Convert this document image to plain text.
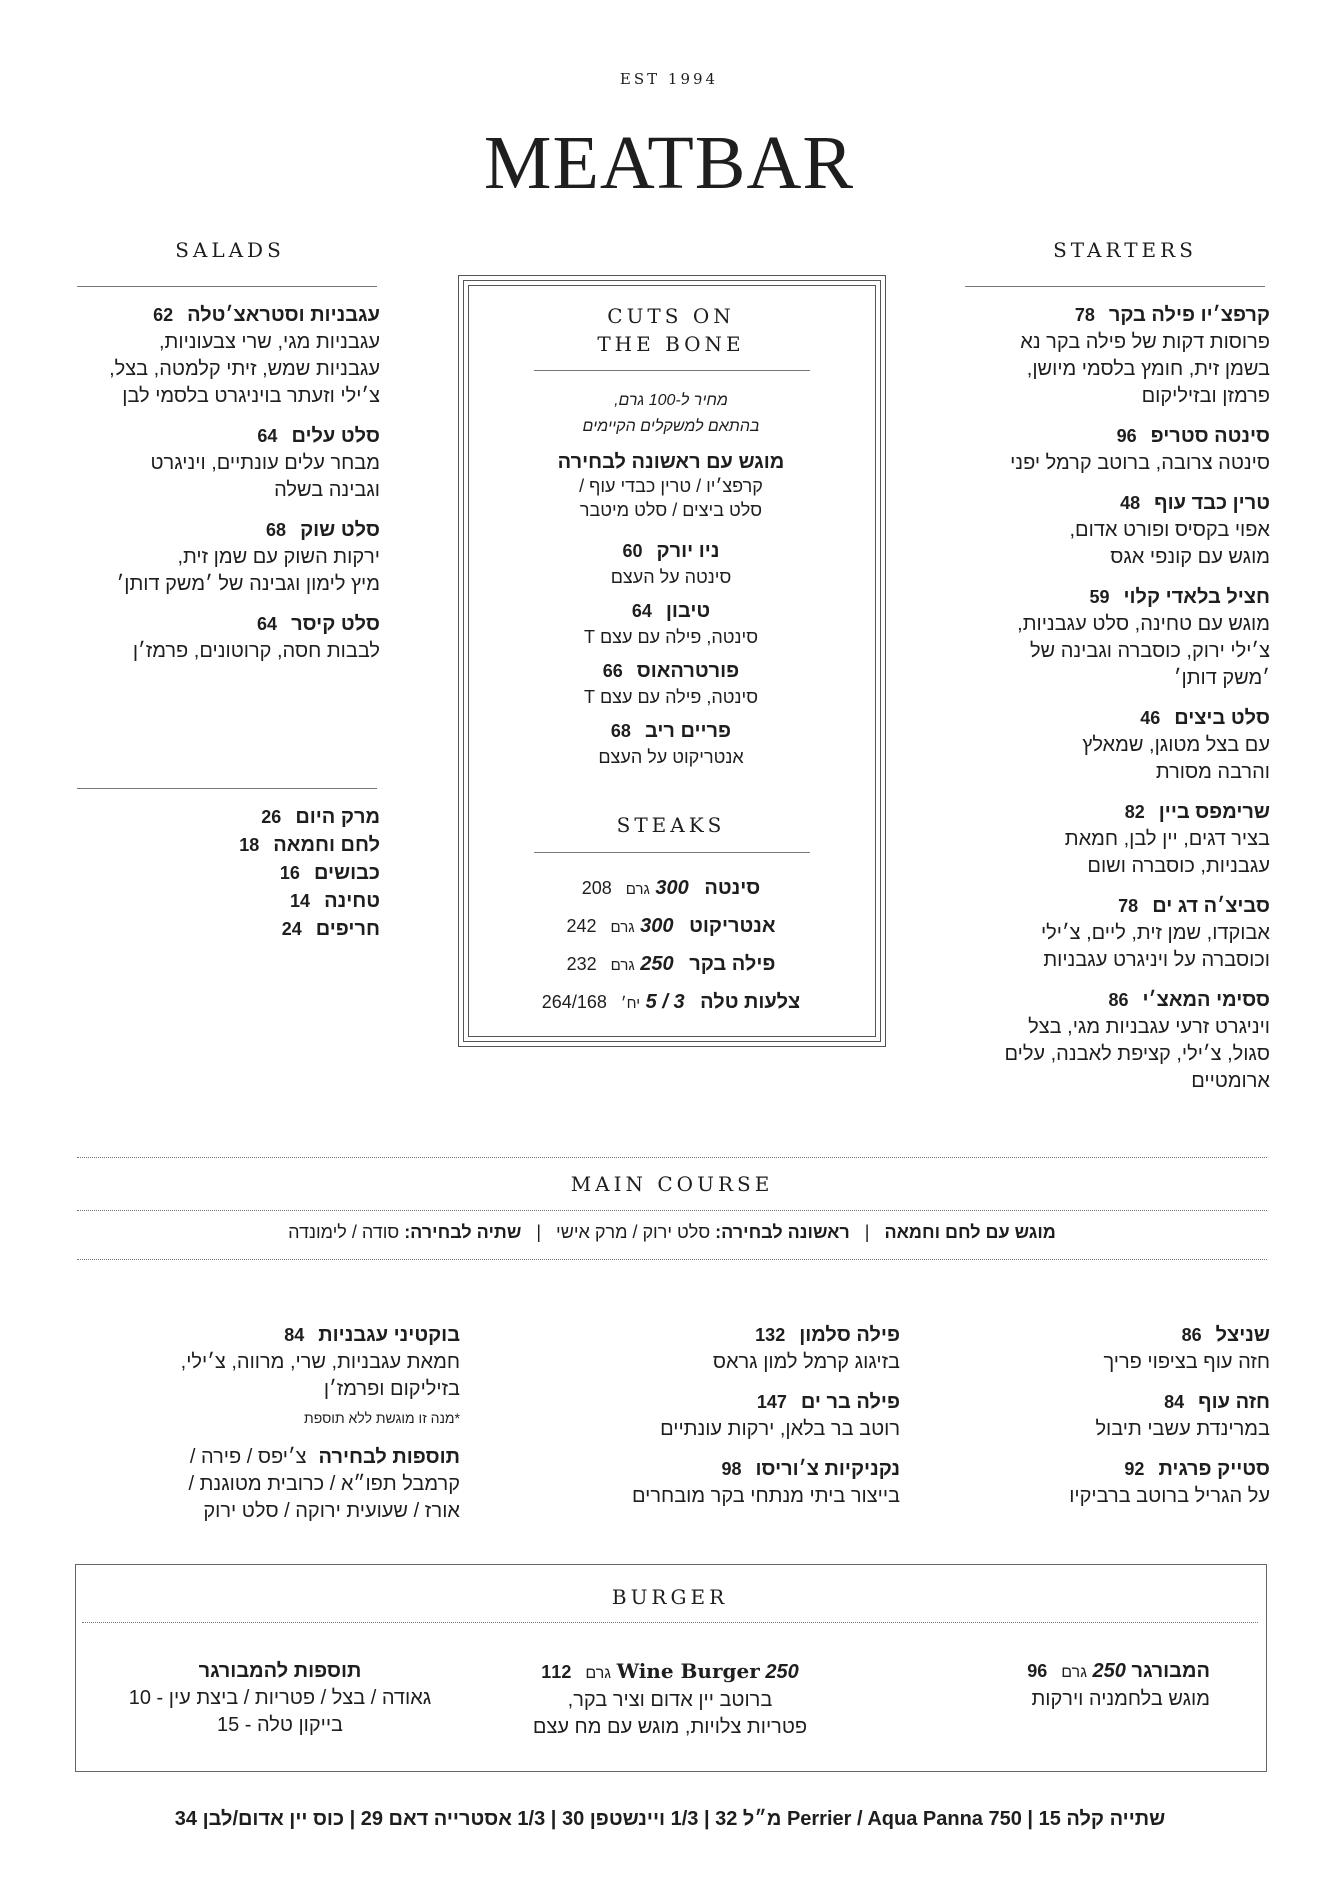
EST 1994
MEATBAR
STARTERS
קרפצ׳יו פילה בקר78
פרוסות דקות של פילה בקר נא
בשמן זית, חומץ בלסמי מיושן,
פרמזן ובזיליקום
סינטה סטריפ96
סינטה צרובה, ברוטב קרמל יפני
טרין כבד עוף48
אפוי בקסיס ופורט אדום,
מוגש עם קונפי אגס
חציל בלאדי קלוי59
מוגש עם טחינה, סלט עגבניות,
צ׳ילי ירוק, כוסברה וגבינה של
׳משק דותן׳
סלט ביצים46
עם בצל מטוגן, שמאלץ
והרבה מסורת
שרימפס ביין82
בציר דגים, יין לבן, חמאת
עגבניות, כוסברה ושום
סביצ׳ה דג ים78
אבוקדו, שמן זית, ליים, צ׳ילי
וכוסברה על ויניגרט עגבניות
ססימי המאצ׳י86
ויניגרט זרעי עגבניות מגי, בצל
סגול, צ׳ילי, קציפת לאבנה, עלים
ארומטיים
SALADS
עגבניות וסטראצ׳טלה62
עגבניות מגי, שרי צבעוניות,
עגבניות שמש, זיתי קלמטה, בצל,
צ׳ילי וזעתר בויניגרט בלסמי לבן
סלט עלים64
מבחר עלים עונתיים, ויניגרט
וגבינה בשלה
סלט שוק68
ירקות השוק עם שמן זית,
מיץ לימון וגבינה של ׳משק דותן׳
סלט קיסר64
לבבות חסה, קרוטונים, פרמז׳ן
מרק היום26
לחם וחמאה18
כבושים16
טחינה14
חריפים24
CUTS ON
THE BONE
מחיר ל-100 גרם,
בהתאם למשקלים הקיימים
מוגש עם ראשונה לבחירה
קרפצ׳יו / טרין כבדי עוף /
סלט ביצים / סלט מיטבר
ניו יורק60
סינטה על העצם
טיבון64
סינטה, פילה עם עצם T
פורטרהאוס66
סינטה, פילה עם עצם T
פריים ריב68
אנטריקוט על העצם
STEAKS
סינטה 300 גרם208
אנטריקוט 300 גרם242
פילה בקר 250 גרם232
צלעות טלה 3 / 5 יח׳264/168
MAIN COURSE
מוגש עם לחם וחמאה | ראשונה לבחירה: סלט ירוק / מרק אישי | שתיה לבחירה: סודה / לימונדה
שניצל86
חזה עוף בציפוי פריך
חזה עוף84
במרינדת עשבי תיבול
סטייק פרגית92
על הגריל ברוטב ברביקיו
פילה סלמון132
בזיגוג קרמל למון גראס
פילה בר ים147
רוטב בר בלאן, ירקות עונתיים
נקניקיות צ׳וריסו98
בייצור ביתי מנתחי בקר מובחרים
בוקטיני עגבניות84
חמאת עגבניות, שרי, מרווה, צ׳ילי,
בזיליקום ופרמז׳ן
*מנה זו מוגשת ללא תוספת
תוספות לבחירהצ׳יפס / פירה /
קרמבל תפו״א / כרובית מטוגנת /
אורז / שעועית ירוקה / סלט ירוק
BURGER
המבורגר 250 גרם96
מוגש בלחמניה וירקות
Wine Burger 250 גרם112
ברוטב יין אדום וציר בקר,
פטריות צלויות, מוגש עם מח עצם
תוספות להמבורגר
גאודה / בצל / פטריות / ביצת עין - 10
בייקון טלה - 15
שתייה קלה 15 | Perrier / Aqua Panna 750 מ״ל 32 | 1/3 ויינשטפן 30 | 1/3 אסטרייה דאם 29 | כוס יין אדום/לבן 34
